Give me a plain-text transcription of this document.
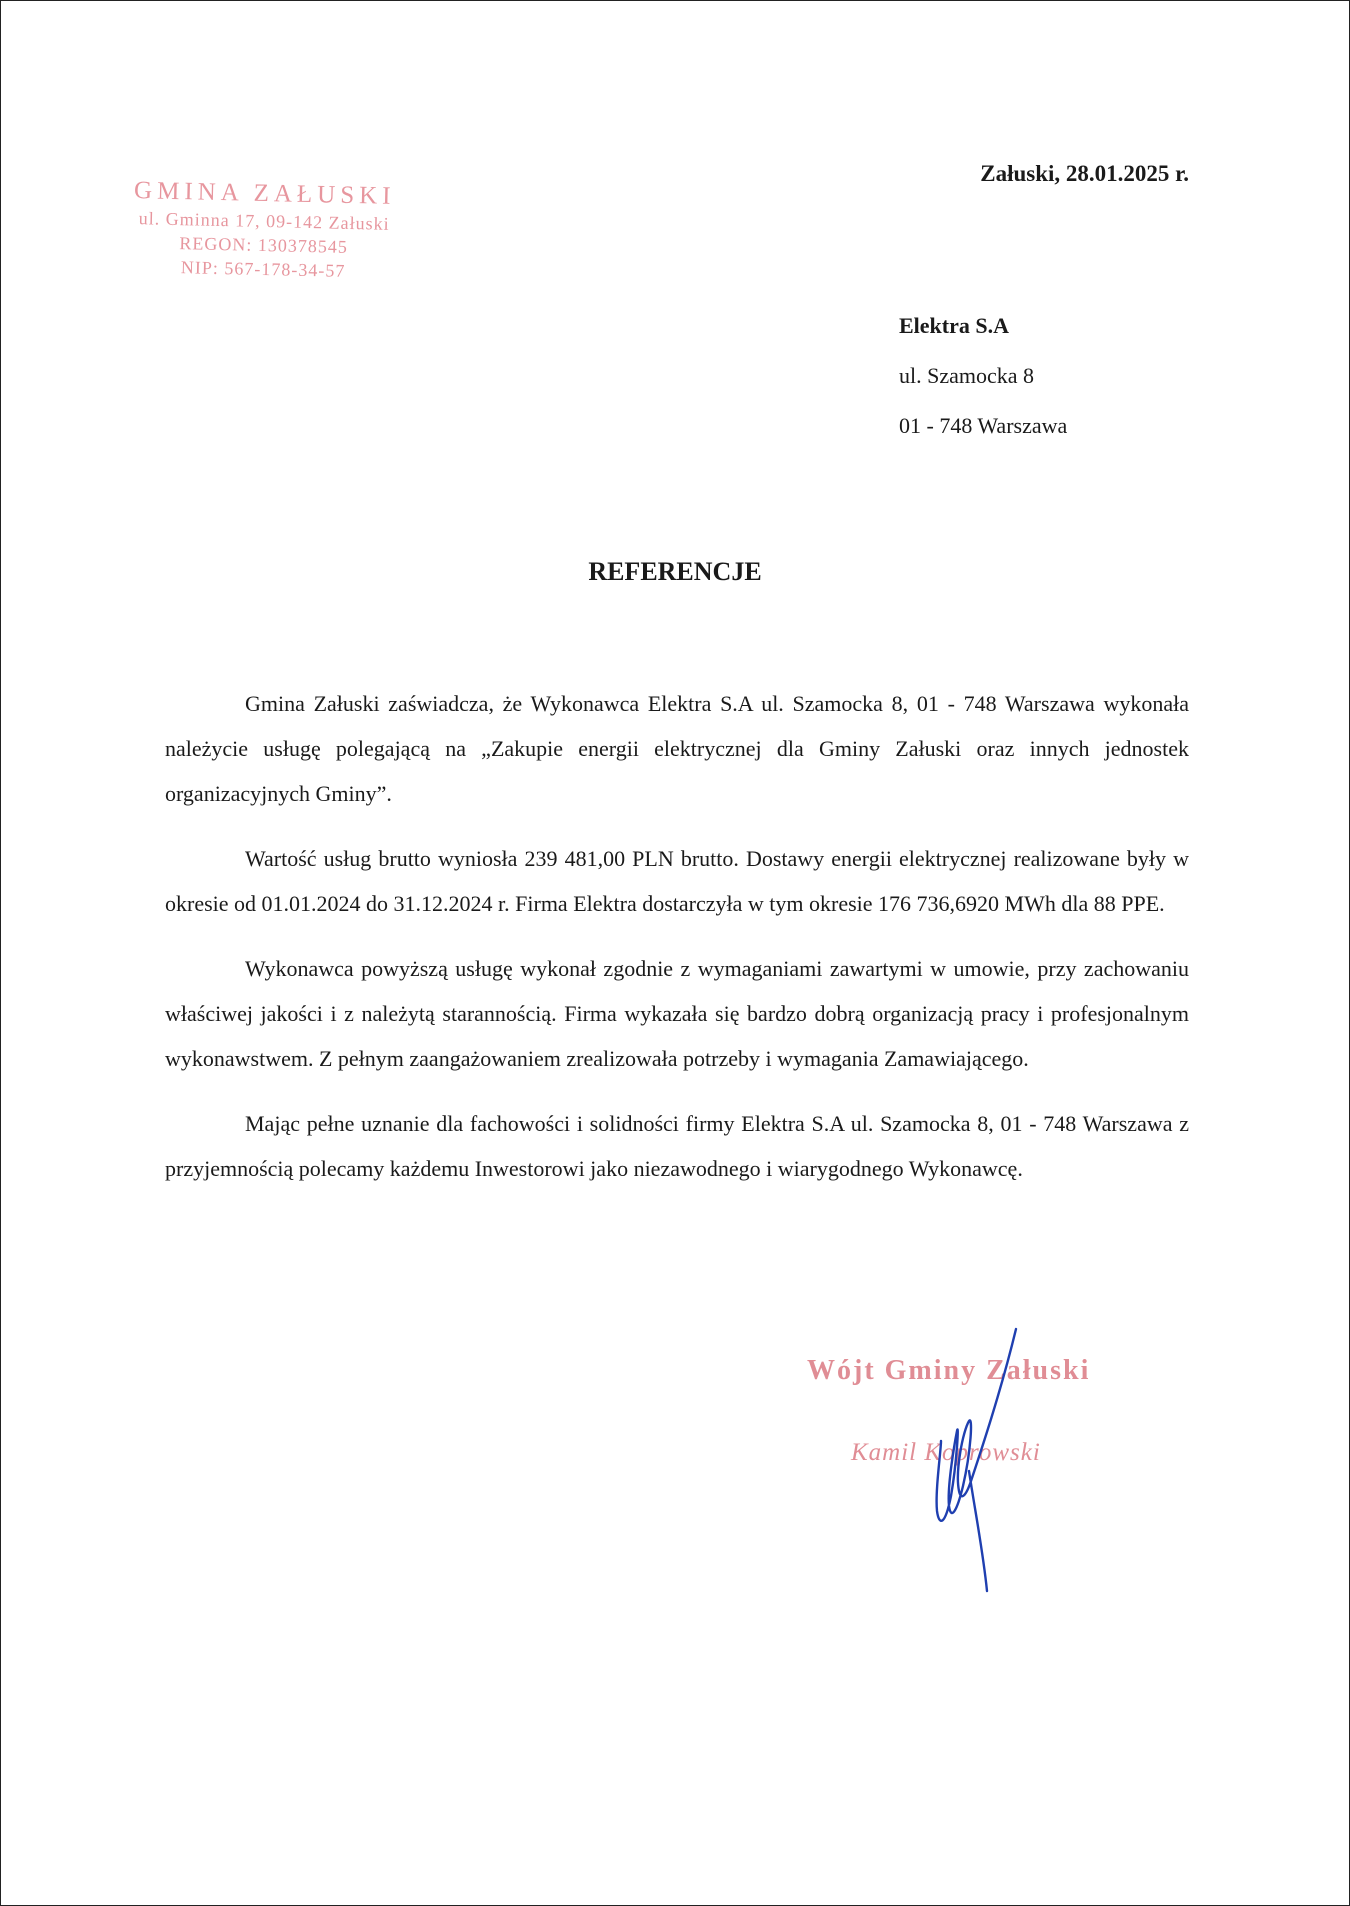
GMINA ZAŁUSKI
ul. Gminna 17, 09-142 Załuski
REGON: 130378545
NIP: 567-178-34-57
Załuski, 28.01.2025 r.
Elektra S.A
ul. Szamocka 8
01 - 748 Warszawa
REFERENCJE

Gmina Załuski zaświadcza, że Wykonawca Elektra S.A ul. Szamocka 8, 01 - 748 Warszawa wykonała należycie usługę polegającą na „Zakupie energii elektrycznej dla Gminy Załuski oraz innych jednostek organizacyjnych Gminy”.

Wartość usług brutto wyniosła 239 481,00 PLN brutto. Dostawy energii elektrycznej realizowane były w okresie od 01.01.2024 do 31.12.2024 r. Firma Elektra dostarczyła w tym okresie 176 736,6920 MWh dla 88 PPE.

Wykonawca powyższą usługę wykonał zgodnie z wymaganiami zawartymi w umowie, przy zachowaniu właściwej jakości i z należytą starannością. Firma wykazała się bardzo dobrą organizacją pracy i profesjonalnym wykonawstwem. Z pełnym zaangażowaniem zrealizowała potrzeby i wymagania Zamawiającego.

Mając pełne uznanie dla fachowości i solidności firmy Elektra S.A ul. Szamocka 8, 01 - 748 Warszawa z przyjemnością polecamy każdemu Inwestorowi jako niezawodnego i wiarygodnego Wykonawcę.

Wójt Gminy Załuski
Kamil Koprowski
